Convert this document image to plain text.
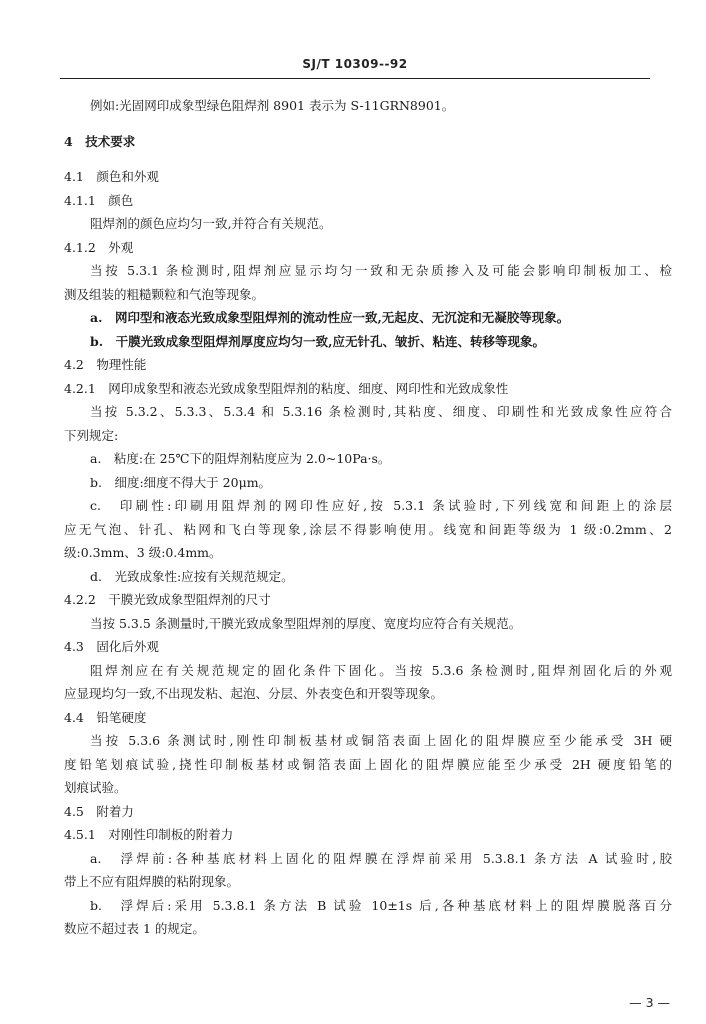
SJ/T 10309--92
例如:光固网印成象型绿色阻焊剂 8901 表示为 S-11GRN8901。
4　技术要求
4.1　颜色和外观
4.1.1　颜色
阻焊剂的颜色应均匀一致,并符合有关规范。
4.1.2　外观
当按 5.3.1 条检测时,阻焊剂应显示均匀一致和无杂质掺入及可能会影响印制板加工、检
测及组装的粗糙颗粒和气泡等现象。
a.　网印型和液态光致成象型阻焊剂的流动性应一致,无起皮、无沉淀和无凝胶等现象。
b.　干膜光致成象型阻焊剂厚度应均匀一致,应无针孔、皱折、粘连、转移等现象。
4.2　物理性能
4.2.1　网印成象型和液态光致成象型阻焊剂的粘度、细度、网印性和光致成象性
当按 5.3.2、5.3.3、5.3.4 和 5.3.16 条检测时,其粘度、细度、印刷性和光致成象性应符合
下列规定:
a.　粘度:在 25℃下的阻焊剂粘度应为 2.0~10Pa·s。
b.　细度:细度不得大于 20μm。
c.　印刷性:印刷用阻焊剂的网印性应好,按 5.3.1 条试验时,下列线宽和间距上的涂层
应无气泡、针孔、粘网和飞白等现象,涂层不得影响使用。线宽和间距等级为 1 级:0.2mm、2
级:0.3mm、3 级:0.4mm。
d.　光致成象性:应按有关规范规定。
4.2.2　干膜光致成象型阻焊剂的尺寸
当按 5.3.5 条测量时,干膜光致成象型阻焊剂的厚度、宽度均应符合有关规范。
4.3　固化后外观
阻焊剂应在有关规范规定的固化条件下固化。当按 5.3.6 条检测时,阻焊剂固化后的外观
应显现均匀一致,不出现发粘、起泡、分层、外表变色和开裂等现象。
4.4　铅笔硬度
当按 5.3.6 条测试时,刚性印制板基材或铜箔表面上固化的阻焊膜应至少能承受 3H 硬
度铅笔划痕试验,挠性印制板基材或铜箔表面上固化的阻焊膜应能至少承受 2H 硬度铅笔的
划痕试验。
4.5　附着力
4.5.1　对刚性印制板的附着力
a.　浮焊前:各种基底材料上固化的阻焊膜在浮焊前采用 5.3.8.1 条方法 A 试验时,胶
带上不应有阻焊膜的粘附现象。
b.　浮焊后:采用 5.3.8.1 条方法 B 试验 10±1s 后,各种基底材料上的阻焊膜脱落百分
数应不超过表 1 的规定。
— 3 —
